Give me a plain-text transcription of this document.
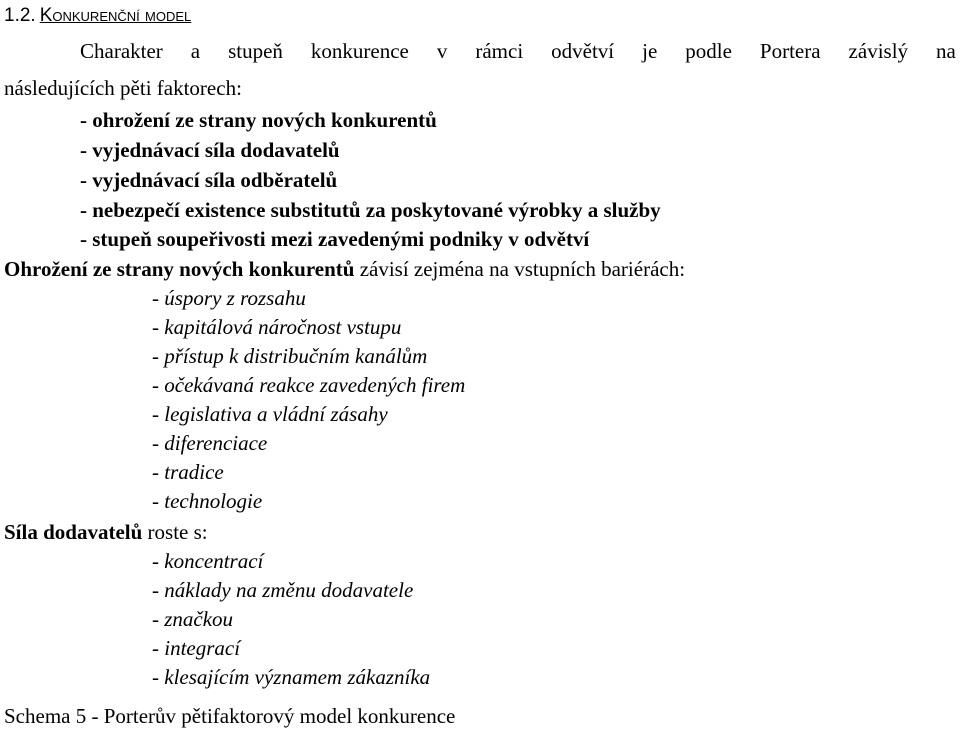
1.2. Konkurenční model
Charakter a stupeň konkurence v rámci odvětví je podle Portera závislý na
následujících pěti faktorech:
- ohrožení ze strany nových konkurentů
- vyjednávací síla dodavatelů
- vyjednávací síla odběratelů
- nebezpečí existence substitutů za poskytované výrobky a služby
- stupeň soupeřivosti mezi zavedenými podniky v odvětví
Ohrožení ze strany nových konkurentů závisí zejména na vstupních bariérách:
- úspory z rozsahu
- kapitálová náročnost vstupu
- přístup k distribučním kanálům
- očekávaná reakce zavedených firem
- legislativa a vládní zásahy
- diferenciace
- tradice
- technologie
Síla dodavatelů roste s:
- koncentrací
- náklady na změnu dodavatele
- značkou
- integrací
- klesajícím významem zákazníka
Schema 5 - Porterův pětifaktorový model konkurence
